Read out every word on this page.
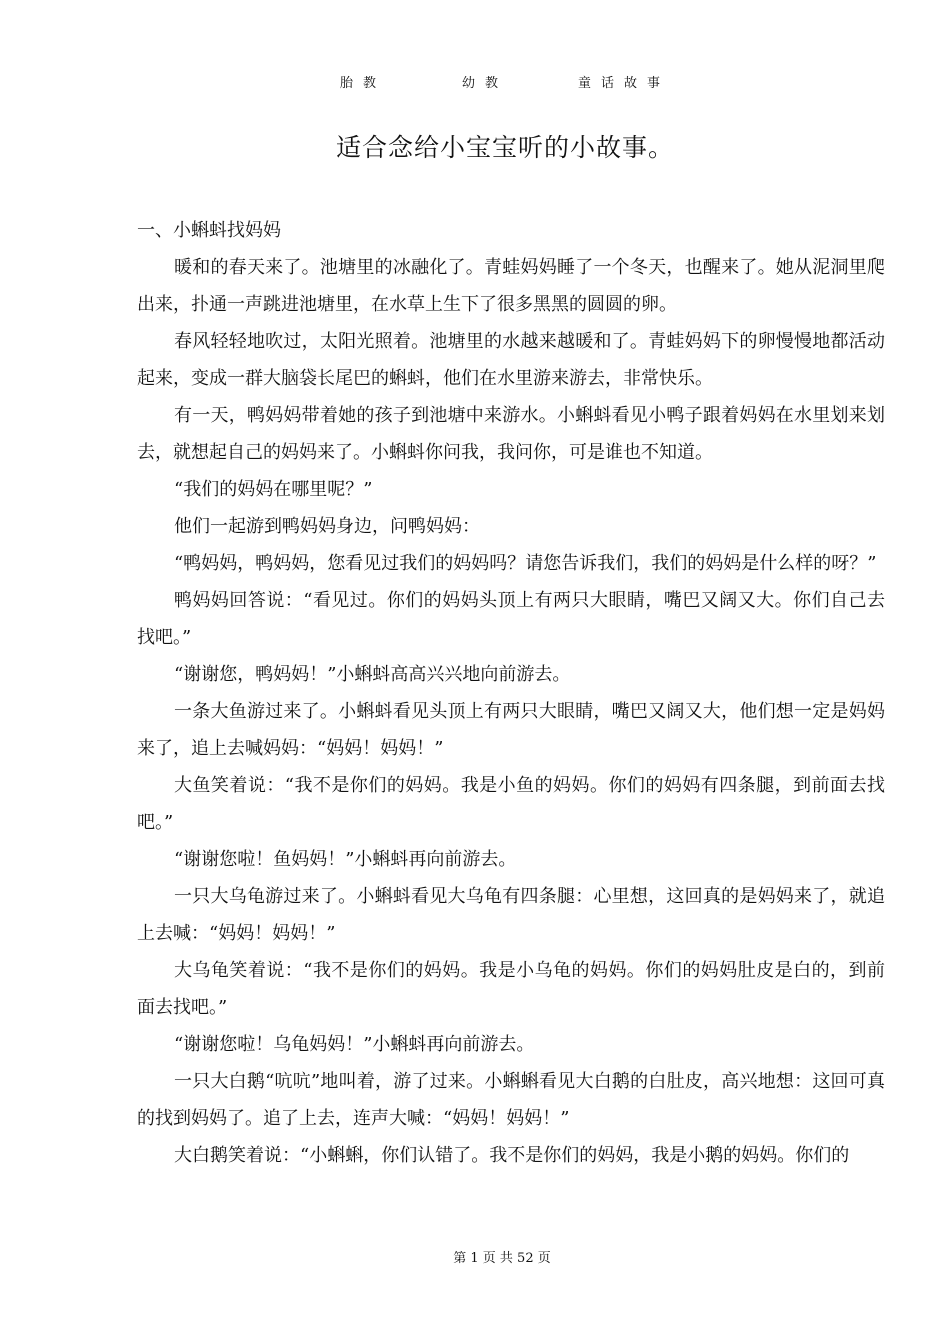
胎教	幼教	童话故事
适合念给小宝宝听的小故事。

一、小蝌蚪找妈妈

暖和的春天来了。池塘里的冰融化了。青蛙妈妈睡了一个冬天，也醒来了。她从泥洞里爬出来，扑通一声跳进池塘里，在水草上生下了很多黑黑的圆圆的卵。

春风轻轻地吹过，太阳光照着。池塘里的水越来越暖和了。青蛙妈妈下的卵慢慢地都活动起来，变成一群大脑袋长尾巴的蝌蚪，他们在水里游来游去，非常快乐。

有一天，鸭妈妈带着她的孩子到池塘中来游水。小蝌蚪看见小鸭子跟着妈妈在水里划来划去，就想起自己的妈妈来了。小蝌蚪你问我，我问你，可是谁也不知道。

“我们的妈妈在哪里呢？”

他们一起游到鸭妈妈身边，问鸭妈妈：

“鸭妈妈，鸭妈妈，您看见过我们的妈妈吗？请您告诉我们，我们的妈妈是什么样的呀？”

鸭妈妈回答说：“看见过。你们的妈妈头顶上有两只大眼睛，嘴巴又阔又大。你们自己去找吧。”

“谢谢您，鸭妈妈！”小蝌蚪高高兴兴地向前游去。

一条大鱼游过来了。小蝌蚪看见头顶上有两只大眼睛，嘴巴又阔又大，他们想一定是妈妈来了，追上去喊妈妈：“妈妈！妈妈！”

大鱼笑着说：“我不是你们的妈妈。我是小鱼的妈妈。你们的妈妈有四条腿，到前面去找吧。”

“谢谢您啦！鱼妈妈！”小蝌蚪再向前游去。

一只大乌龟游过来了。小蝌蚪看见大乌龟有四条腿：心里想，这回真的是妈妈来了，就追上去喊：“妈妈！妈妈！”

大乌龟笑着说：“我不是你们的妈妈。我是小乌龟的妈妈。你们的妈妈肚皮是白的，到前面去找吧。”

“谢谢您啦！乌龟妈妈！”小蝌蚪再向前游去。

一只大白鹅“吭吭”地叫着，游了过来。小蝌蝌看见大白鹅的白肚皮，高兴地想：这回可真的找到妈妈了。追了上去，连声大喊：“妈妈！妈妈！”

大白鹅笑着说：“小蝌蝌，你们认错了。我不是你们的妈妈，我是小鹅的妈妈。你们的

第 1 页 共 52 页
